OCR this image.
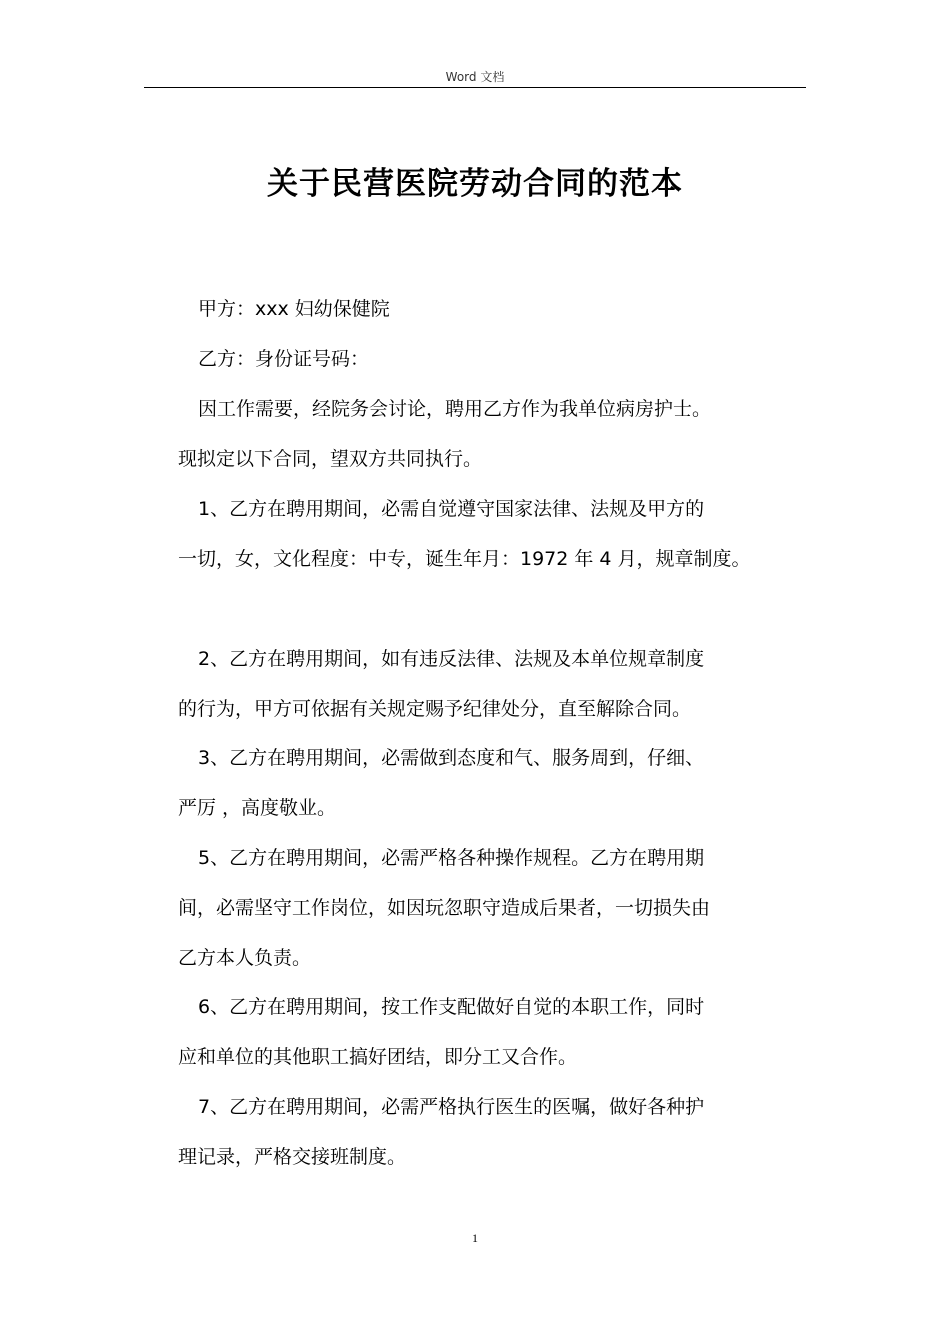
Word 文档
关于民营医院劳动合同的范本
甲方：xxx 妇幼保健院
乙方：身份证号码：
因工作需要，经院务会讨论，聘用乙方作为我单位病房护士。
现拟定以下合同，望双方共同执行。
1、乙方在聘用期间，必需自觉遵守国家法律、法规及甲方的
一切，女，文化程度：中专，诞生年月：1972 年 4 月，规章制度。
2、乙方在聘用期间，如有违反法律、法规及本单位规章制度
的行为，甲方可依据有关规定赐予纪律处分，直至解除合同。
3、乙方在聘用期间，必需做到态度和气、服务周到，仔细、
严厉 ，高度敬业。
5、乙方在聘用期间，必需严格各种操作规程。乙方在聘用期
间，必需坚守工作岗位，如因玩忽职守造成后果者，一切损失由
乙方本人负责。
6、乙方在聘用期间，按工作支配做好自觉的本职工作，同时
应和单位的其他职工搞好团结，即分工又合作。
7、乙方在聘用期间，必需严格执行医生的医嘱，做好各种护
理记录，严格交接班制度。
1
